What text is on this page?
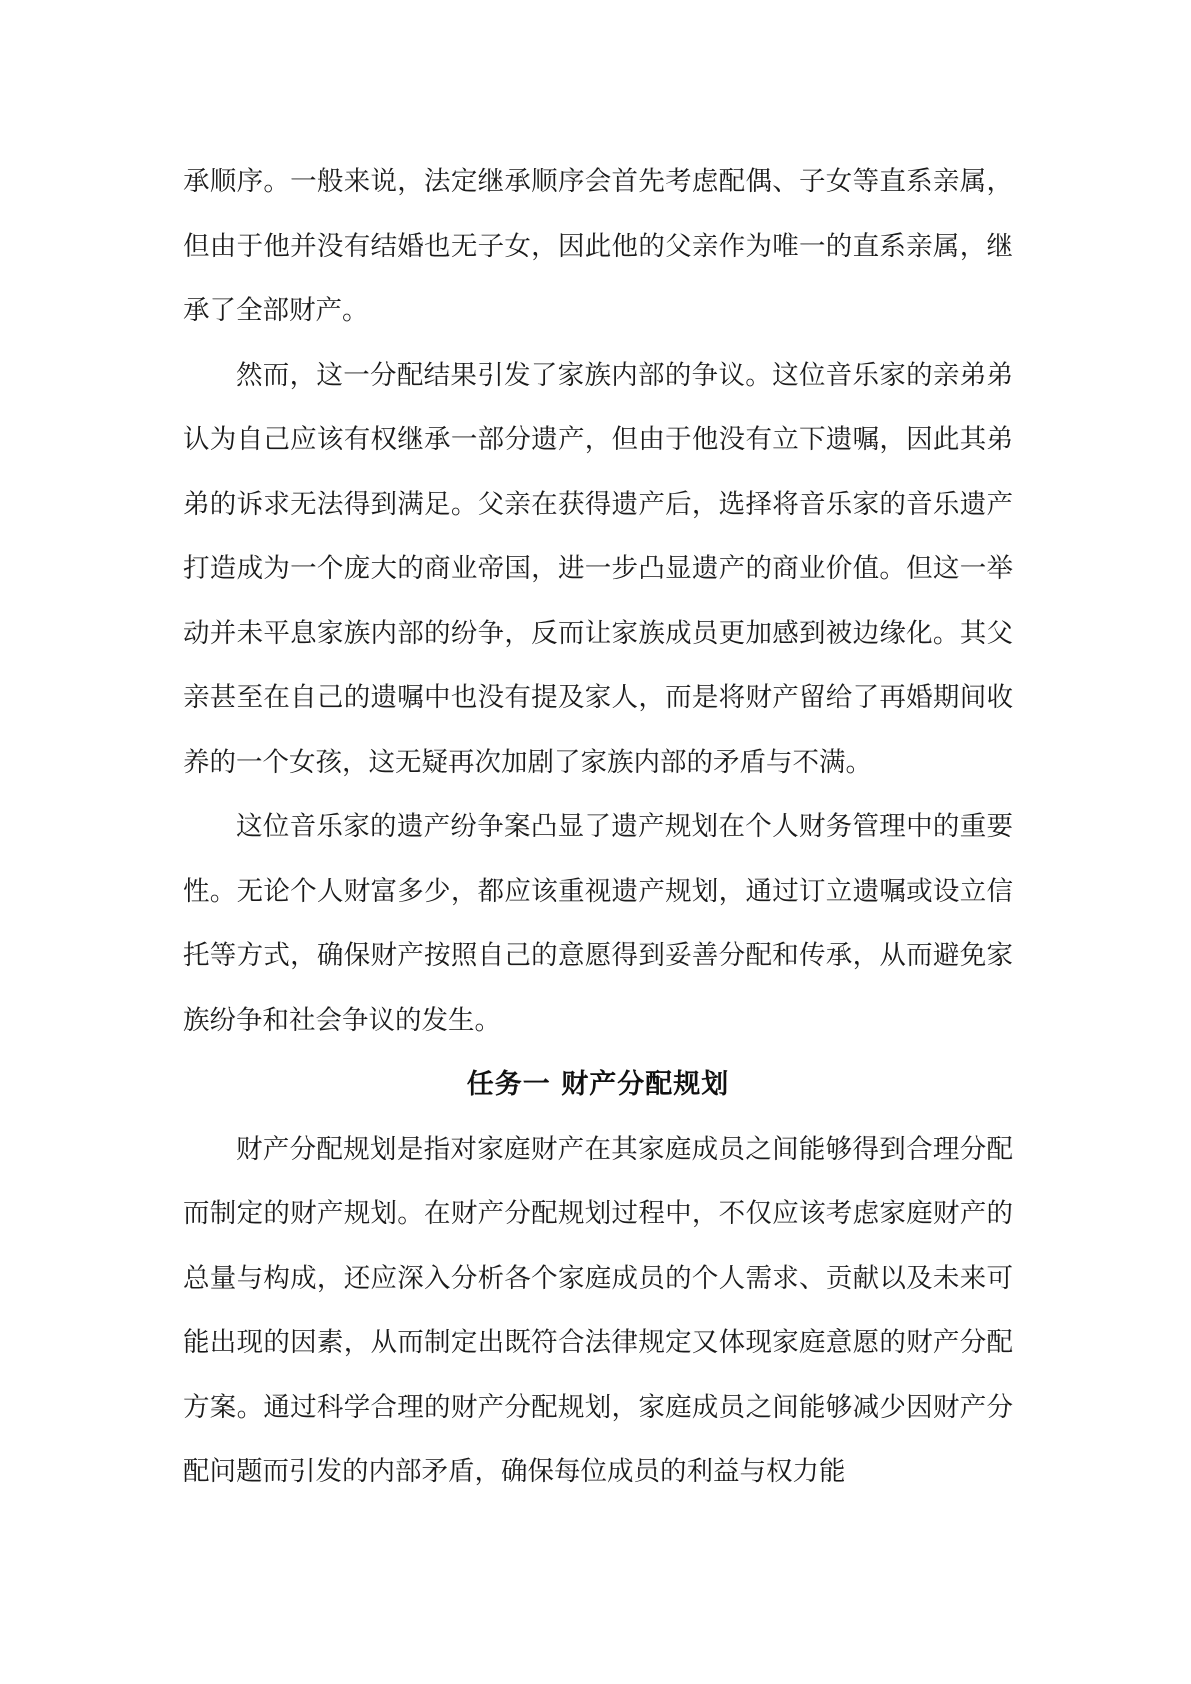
承顺序。一般来说，法定继承顺序会首先考虑配偶、子女等直系亲属，但由于他并没有结婚也无子女，因此他的父亲作为唯一的直系亲属，继承了全部财产。

然而，这一分配结果引发了家族内部的争议。这位音乐家的亲弟弟认为自己应该有权继承一部分遗产，但由于他没有立下遗嘱，因此其弟弟的诉求无法得到满足。父亲在获得遗产后，选择将音乐家的音乐遗产打造成为一个庞大的商业帝国，进一步凸显遗产的商业价值。但这一举动并未平息家族内部的纷争，反而让家族成员更加感到被边缘化。其父亲甚至在自己的遗嘱中也没有提及家人，而是将财产留给了再婚期间收养的一个女孩，这无疑再次加剧了家族内部的矛盾与不满。

这位音乐家的遗产纷争案凸显了遗产规划在个人财务管理中的重要性。无论个人财富多少，都应该重视遗产规划，通过订立遗嘱或设立信托等方式，确保财产按照自己的意愿得到妥善分配和传承，从而避免家族纷争和社会争议的发生。

任务一 财产分配规划

财产分配规划是指对家庭财产在其家庭成员之间能够得到合理分配而制定的财产规划。在财产分配规划过程中，不仅应该考虑家庭财产的总量与构成，还应深入分析各个家庭成员的个人需求、贡献以及未来可能出现的因素，从而制定出既符合法律规定又体现家庭意愿的财产分配方案。通过科学合理的财产分配规划，家庭成员之间能够减少因财产分配问题而引发的内部矛盾，确保每位成员的利益与权力能
